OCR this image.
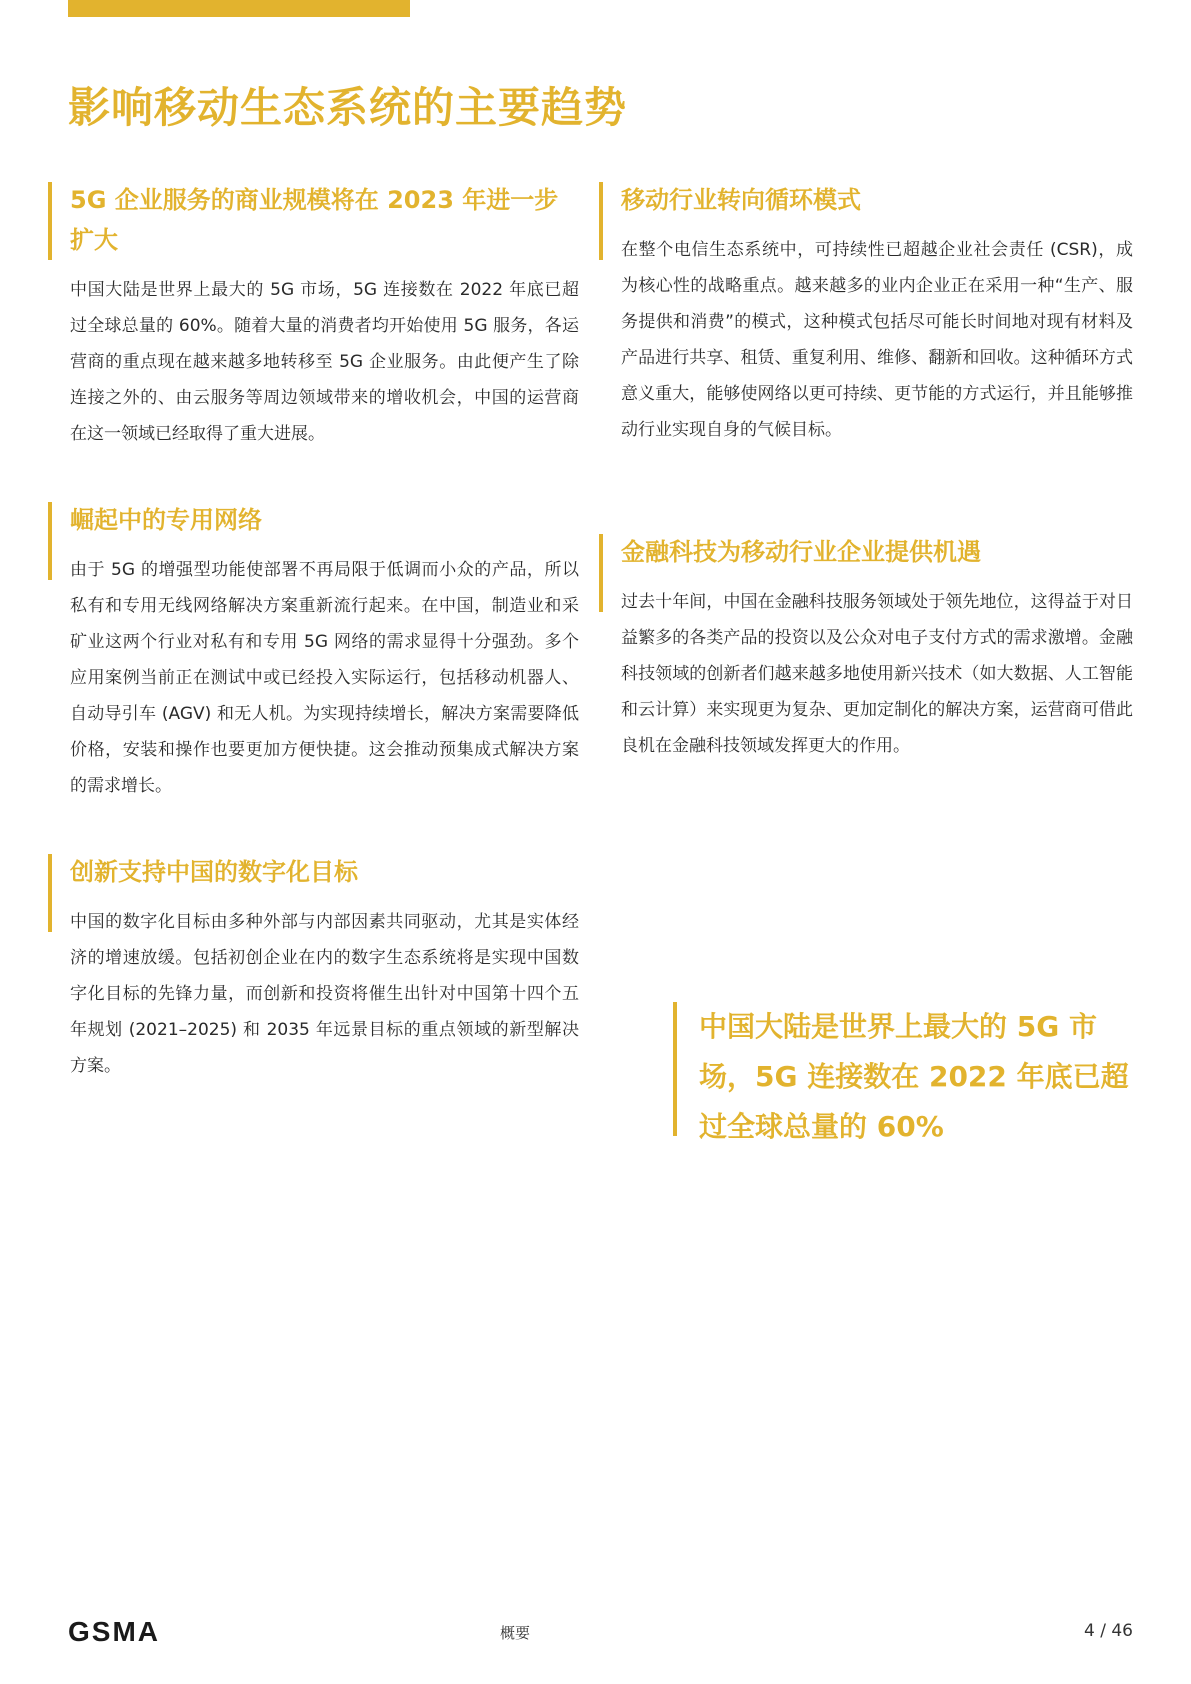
影响移动生态系统的主要趋势
5G 企业服务的商业规模将在 2023 年进一步扩大

中国大陆是世界上最大的 5G 市场，5G 连接数在 2022 年底已超过全球总量的 60%。随着大量的消费者均开始使用 5G 服务，各运营商的重点现在越来越多地转移至 5G 企业服务。由此便产生了除连接之外的、由云服务等周边领域带来的增收机会，中国的运营商在这一领域已经取得了重大进展。

崛起中的专用网络

由于 5G 的增强型功能使部署不再局限于低调而小众的产品，所以私有和专用无线网络解决方案重新流行起来。在中国，制造业和采矿业这两个行业对私有和专用 5G 网络的需求显得十分强劲。多个应用案例当前正在测试中或已经投入实际运行，包括移动机器人、自动导引车 (AGV) 和无人机。为实现持续增长，解决方案需要降低价格，安装和操作也要更加方便快捷。这会推动预集成式解决方案的需求增长。

创新支持中国的数字化目标

中国的数字化目标由多种外部与内部因素共同驱动，尤其是实体经济的增速放缓。包括初创企业在内的数字生态系统将是实现中国数字化目标的先锋力量，而创新和投资将催生出针对中国第十四个五年规划 (2021–2025) 和 2035 年远景目标的重点领域的新型解决方案。

移动行业转向循环模式

在整个电信生态系统中，可持续性已超越企业社会责任 (CSR)，成为核心性的战略重点。越来越多的业内企业正在采用一种“生产、服务提供和消费”的模式，这种模式包括尽可能长时间地对现有材料及产品进行共享、租赁、重复利用、维修、翻新和回收。这种循环方式意义重大，能够使网络以更可持续、更节能的方式运行，并且能够推动行业实现自身的气候目标。

金融科技为移动行业企业提供机遇

过去十年间，中国在金融科技服务领域处于领先地位，这得益于对日益繁多的各类产品的投资以及公众对电子支付方式的需求激增。金融科技领域的创新者们越来越多地使用新兴技术（如大数据、人工智能和云计算）来实现更为复杂、更加定制化的解决方案，运营商可借此良机在金融科技领域发挥更大的作用。

中国大陆是世界上最大的 5G 市场，5G 连接数在 2022 年底已超过全球总量的 60%

GSMA	概要	4 / 46
